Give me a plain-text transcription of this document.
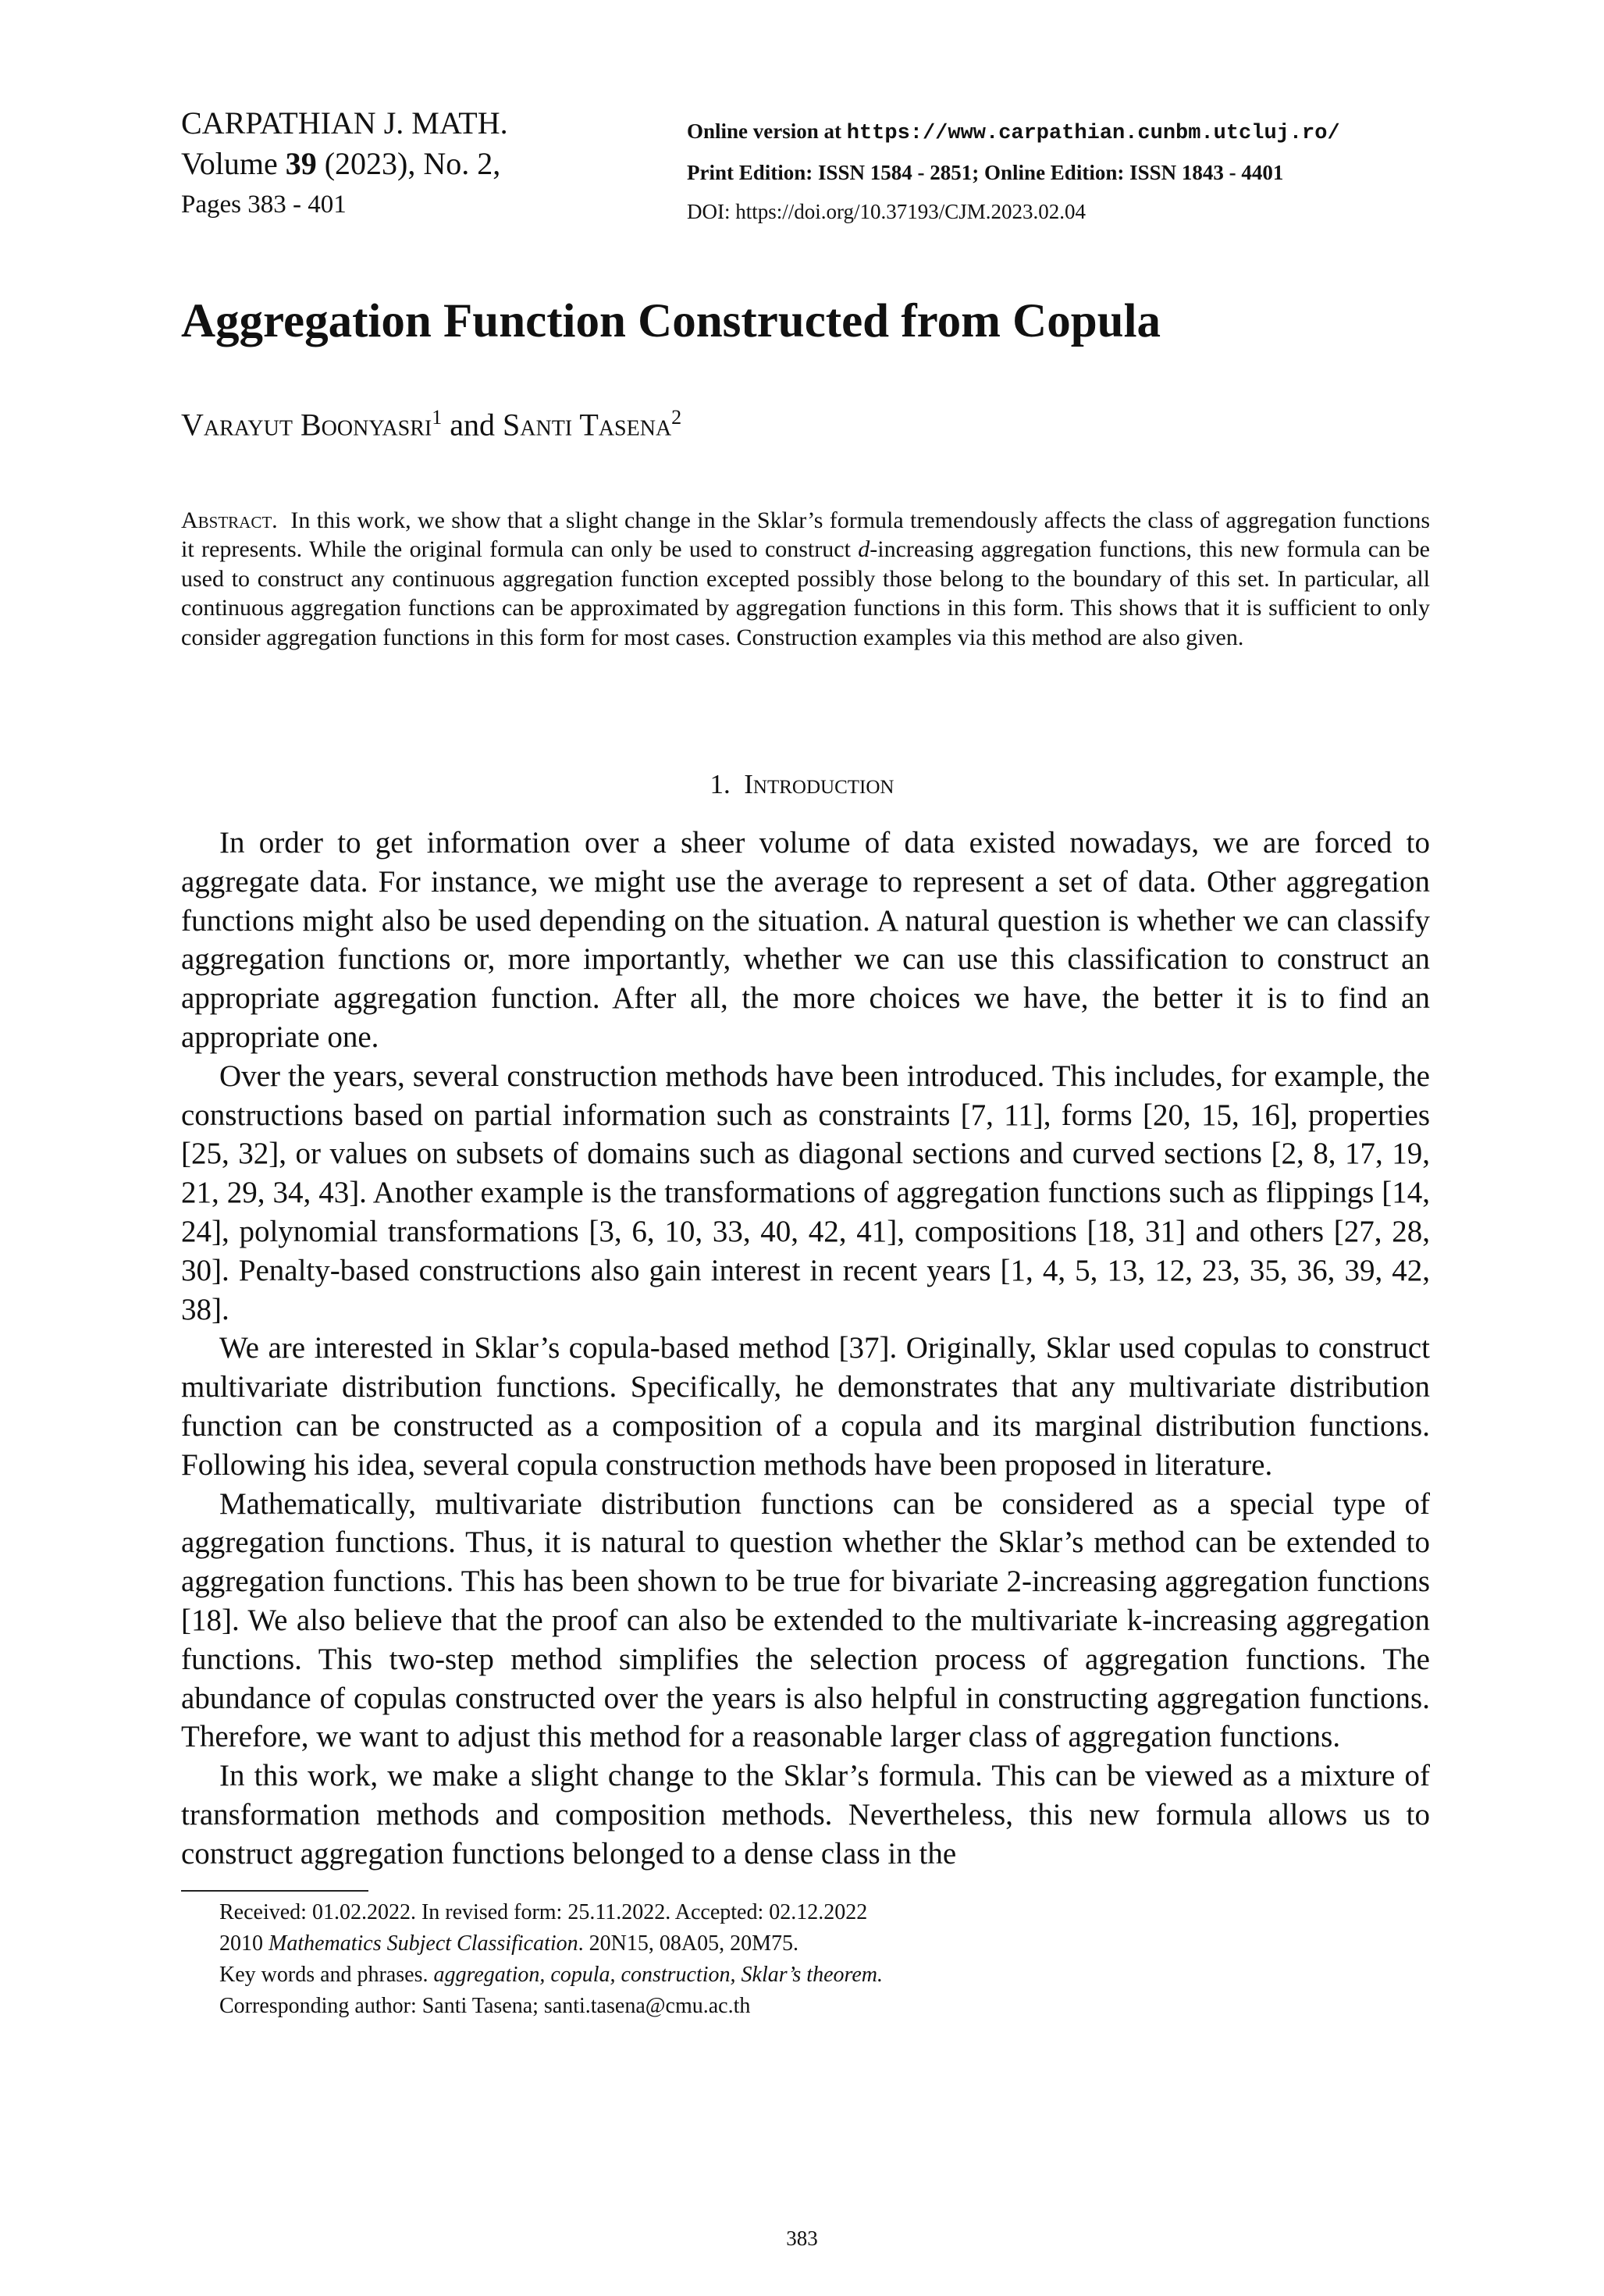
CARPATHIAN J. MATH.
Volume 39 (2023), No. 2,
Pages 383 - 401
Online version at https://www.carpathian.cunbm.utcluj.ro/
Print Edition: ISSN 1584 - 2851; Online Edition: ISSN 1843 - 4401
DOI: https://doi.org/10.37193/CJM.2023.02.04
Aggregation Function Constructed from Copula
Varayut Boonyasri$^1$ and Santi Tasena$^2$

Abstract. In this work, we show that a slight change in the Sklar’s formula tremendously affects the class of aggregation functions it represents. While the original formula can only be used to construct d-increasing aggregation functions, this new formula can be used to construct any continuous aggregation function excepted possibly those belong to the boundary of this set. In particular, all continuous aggregation functions can be approximated by aggregation functions in this form. This shows that it is sufficient to only consider aggregation functions in this form for most cases. Construction examples via this method are also given.

1. Introduction

In order to get information over a sheer volume of data existed nowadays, we are forced to aggregate data. For instance, we might use the average to represent a set of data. Other aggregation functions might also be used depending on the situation. A natural question is whether we can classify aggregation functions or, more importantly, whether we can use this classification to construct an appropriate aggregation function. After all, the more choices we have, the better it is to find an appropriate one.

Over the years, several construction methods have been introduced. This includes, for example, the constructions based on partial information such as constraints [7, 11], forms [20, 15, 16], properties [25, 32], or values on subsets of domains such as diagonal sections and curved sections [2, 8, 17, 19, 21, 29, 34, 43]. Another example is the transformations of aggregation functions such as flippings [14, 24], polynomial transformations [3, 6, 10, 33, 40, 42, 41], compositions [18, 31] and others [27, 28, 30]. Penalty-based constructions also gain interest in recent years [1, 4, 5, 13, 12, 23, 35, 36, 39, 42, 38].

We are interested in Sklar’s copula-based method [37]. Originally, Sklar used copulas to construct multivariate distribution functions. Specifically, he demonstrates that any multivariate distribution function can be constructed as a composition of a copula and its marginal distribution functions. Following his idea, several copula construction methods have been proposed in literature.

Mathematically, multivariate distribution functions can be considered as a special type of aggregation functions. Thus, it is natural to question whether the Sklar’s method can be extended to aggregation functions. This has been shown to be true for bivariate 2-increasing aggregation functions [18]. We also believe that the proof can also be extended to the multivariate k-increasing aggregation functions. This two-step method simplifies the selection process of aggregation functions. The abundance of copulas constructed over the years is also helpful in constructing aggregation functions. Therefore, we want to adjust this method for a reasonable larger class of aggregation functions.

In this work, we make a slight change to the Sklar’s formula. This can be viewed as a mixture of transformation methods and composition methods. Nevertheless, this new formula allows us to construct aggregation functions belonged to a dense class in the

Received: 01.02.2022. In revised form: 25.11.2022. Accepted: 02.12.2022
2010 Mathematics Subject Classification. 20N15, 08A05, 20M75.
Key words and phrases. aggregation, copula, construction, Sklar’s theorem.
Corresponding author: Santi Tasena; santi.tasena@cmu.ac.th
383
